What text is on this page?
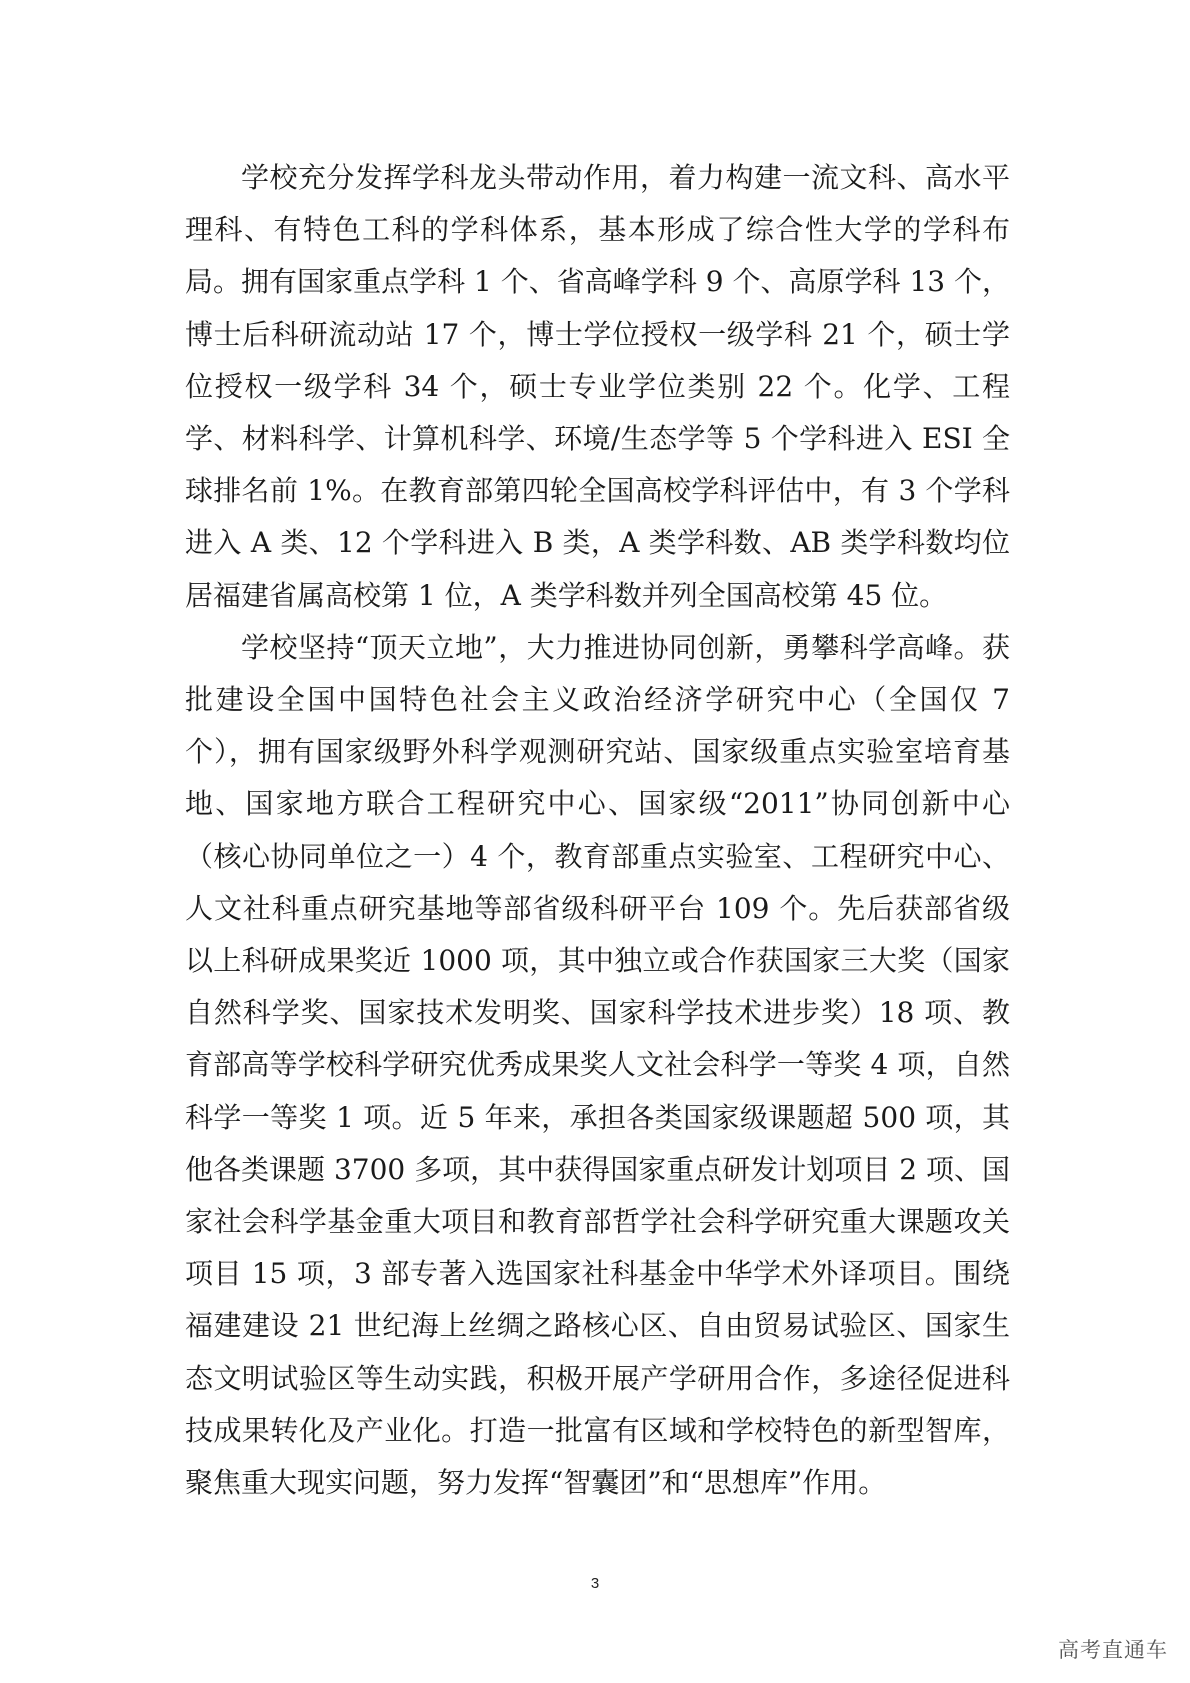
学校充分发挥学科龙头带动作用，着力构建一流文科、高水平理科、有特色工科的学科体系，基本形成了综合性大学的学科布局。拥有国家重点学科 1 个、省高峰学科 9 个、高原学科 13 个，博士后科研流动站 17 个，博士学位授权一级学科 21 个，硕士学位授权一级学科 34 个，硕士专业学位类别 22 个。化学、工程学、材料科学、计算机科学、环境/生态学等 5 个学科进入 ESI 全球排名前 1%。在教育部第四轮全国高校学科评估中，有 3 个学科进入 A 类、12 个学科进入 B 类，A 类学科数、AB 类学科数均位居福建省属高校第 1 位，A 类学科数并列全国高校第 45 位。

学校坚持“顶天立地”，大力推进协同创新，勇攀科学高峰。获批建设全国中国特色社会主义政治经济学研究中心（全国仅 7 个），拥有国家级野外科学观测研究站、国家级重点实验室培育基地、国家地方联合工程研究中心、国家级“2011”协同创新中心（核心协同单位之一）4 个，教育部重点实验室、工程研究中心、人文社科重点研究基地等部省级科研平台 109 个。先后获部省级以上科研成果奖近 1000 项，其中独立或合作获国家三大奖（国家自然科学奖、国家技术发明奖、国家科学技术进步奖）18 项、教育部高等学校科学研究优秀成果奖人文社会科学一等奖 4 项，自然科学一等奖 1 项。近 5 年来，承担各类国家级课题超 500 项，其他各类课题 3700 多项，其中获得国家重点研发计划项目 2 项、国家社会科学基金重大项目和教育部哲学社会科学研究重大课题攻关项目 15 项，3 部专著入选国家社科基金中华学术外译项目。围绕福建建设 21 世纪海上丝绸之路核心区、自由贸易试验区、国家生态文明试验区等生动实践，积极开展产学研用合作，多途径促进科技成果转化及产业化。打造一批富有区域和学校特色的新型智库，聚焦重大现实问题，努力发挥“智囊团”和“思想库”作用。

3
高考直通车
